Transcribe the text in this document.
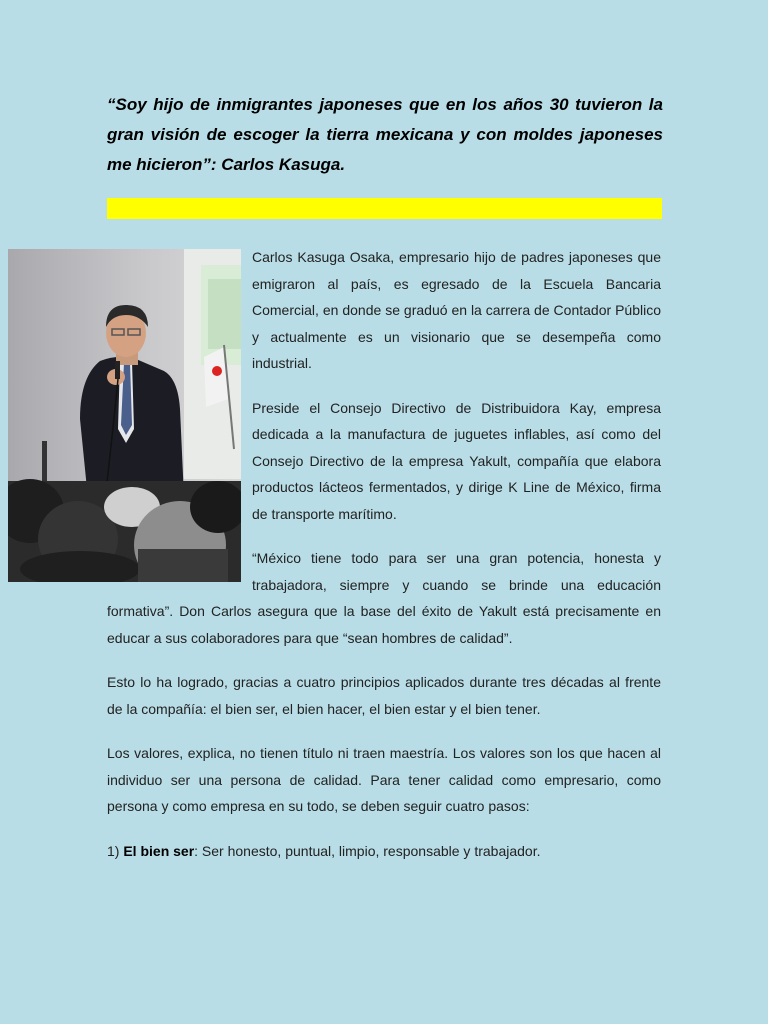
“Soy hijo de inmigrantes japoneses que en los años 30 tuvieron la gran visión de escoger la tierra mexicana y con moldes japoneses me hicieron”: Carlos Kasuga.

Carlos Kasuga Osaka, empresario hijo de padres japoneses que emigraron al país, es egresado de la Escuela Bancaria Comercial, en donde se graduó en la carrera de Contador Público y actualmente es un visionario que se desempeña como industrial.

Preside el Consejo Directivo de Distribuidora Kay, empresa dedicada a la manufactura de juguetes inflables, así como del Consejo Directivo de la empresa Yakult, compañía que elabora productos lácteos fermentados, y dirige K Line de México, firma de transporte marítimo.

“México tiene todo para ser una gran potencia, honesta y trabajadora, siempre y cuando se brinde una educación formativa”. Don Carlos asegura que la base del éxito de Yakult está precisamente en educar a sus colaboradores para que “sean hombres de calidad”.

Esto lo ha logrado, gracias a cuatro principios aplicados durante tres décadas al frente de la compañía: el bien ser, el bien hacer, el bien estar y el bien tener.

Los valores, explica, no tienen título ni traen maestría. Los valores son los que hacen al individuo ser una persona de calidad. Para tener calidad como empresario, como persona y como empresa en su todo, se deben seguir cuatro pasos:

1) El bien ser: Ser honesto, puntual, limpio, responsable y trabajador.
